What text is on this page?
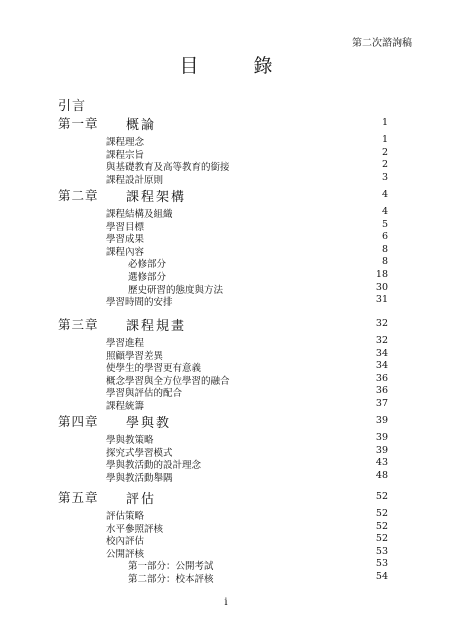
第二次諮詢稿
目　錄
引言
第一章 概論	1
課程理念	1
課程宗旨	2
與基礎教育及高等教育的銜接	2
課程設計原則	3
第二章 課程架構	4
課程結構及組織	4
學習目標	5
學習成果	6
課程內容	8
必修部分	8
選修部分	18
歷史研習的態度與方法	30
學習時間的安排	31
第三章 課程規畫	32
學習進程	32
照顧學習差異	34
使學生的學習更有意義	34
概念學習與全方位學習的融合	36
學習與評估的配合	36
課程統籌	37
第四章 學與教	39
學與教策略	39
探究式學習模式	39
學與教活動的設計理念	43
學與教活動舉隅	48
第五章 評估	52
評估策略	52
水平參照評核	52
校內評估	52
公開評核	53
第一部分：公開考試	53
第二部分：校本評核	54
i
